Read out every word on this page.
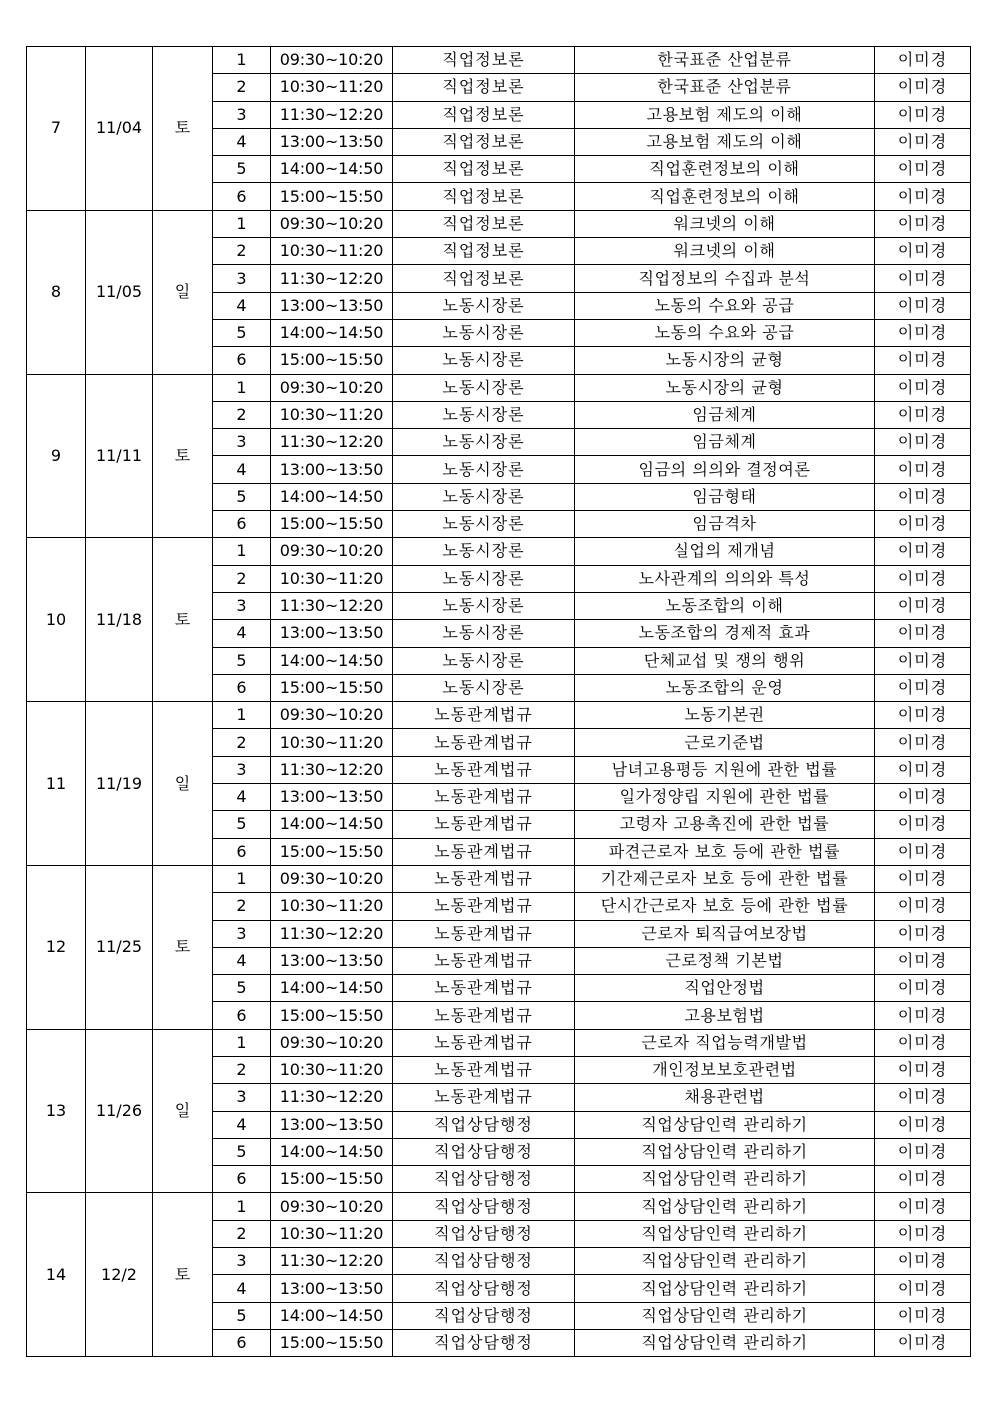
7	11/04	토	1	09:30~10:20	직업정보론	한국표준 산업분류	이미경
			2	10:30~11:20	직업정보론	한국표준 산업분류	이미경
			3	11:30~12:20	직업정보론	고용보험 제도의 이해	이미경
			4	13:00~13:50	직업정보론	고용보험 제도의 이해	이미경
			5	14:00~14:50	직업정보론	직업훈련정보의 이해	이미경
			6	15:00~15:50	직업정보론	직업훈련정보의 이해	이미경
8	11/05	일	1	09:30~10:20	직업정보론	워크넷의 이해	이미경
			2	10:30~11:20	직업정보론	워크넷의 이해	이미경
			3	11:30~12:20	직업정보론	직업정보의 수집과 분석	이미경
			4	13:00~13:50	노동시장론	노동의 수요와 공급	이미경
			5	14:00~14:50	노동시장론	노동의 수요와 공급	이미경
			6	15:00~15:50	노동시장론	노동시장의 균형	이미경
9	11/11	토	1	09:30~10:20	노동시장론	노동시장의 균형	이미경
			2	10:30~11:20	노동시장론	임금체계	이미경
			3	11:30~12:20	노동시장론	임금체계	이미경
			4	13:00~13:50	노동시장론	임금의 의의와 결정여론	이미경
			5	14:00~14:50	노동시장론	임금형태	이미경
			6	15:00~15:50	노동시장론	임금격차	이미경
10	11/18	토	1	09:30~10:20	노동시장론	실업의 제개념	이미경
			2	10:30~11:20	노동시장론	노사관계의 의의와 특성	이미경
			3	11:30~12:20	노동시장론	노동조합의 이해	이미경
			4	13:00~13:50	노동시장론	노동조합의 경제적 효과	이미경
			5	14:00~14:50	노동시장론	단체교섭 및 쟁의 행위	이미경
			6	15:00~15:50	노동시장론	노동조합의 운영	이미경
11	11/19	일	1	09:30~10:20	노동관계법규	노동기본권	이미경
			2	10:30~11:20	노동관계법규	근로기준법	이미경
			3	11:30~12:20	노동관계법규	남녀고용평등 지원에 관한 법률	이미경
			4	13:00~13:50	노동관계법규	일가정양립 지원에 관한 법률	이미경
			5	14:00~14:50	노동관계법규	고령자 고용촉진에 관한 법률	이미경
			6	15:00~15:50	노동관계법규	파견근로자 보호 등에 관한 법률	이미경
12	11/25	토	1	09:30~10:20	노동관계법규	기간제근로자 보호 등에 관한 법률	이미경
			2	10:30~11:20	노동관계법규	단시간근로자 보호 등에 관한 법률	이미경
			3	11:30~12:20	노동관계법규	근로자 퇴직급여보장법	이미경
			4	13:00~13:50	노동관계법규	근로정책 기본법	이미경
			5	14:00~14:50	노동관계법규	직업안정법	이미경
			6	15:00~15:50	노동관계법규	고용보험법	이미경
13	11/26	일	1	09:30~10:20	노동관계법규	근로자 직업능력개발법	이미경
			2	10:30~11:20	노동관계법규	개인정보보호관련법	이미경
			3	11:30~12:20	노동관계법규	채용관련법	이미경
			4	13:00~13:50	직업상담행정	직업상담인력 관리하기	이미경
			5	14:00~14:50	직업상담행정	직업상담인력 관리하기	이미경
			6	15:00~15:50	직업상담행정	직업상담인력 관리하기	이미경
14	12/2	토	1	09:30~10:20	직업상담행정	직업상담인력 관리하기	이미경
			2	10:30~11:20	직업상담행정	직업상담인력 관리하기	이미경
			3	11:30~12:20	직업상담행정	직업상담인력 관리하기	이미경
			4	13:00~13:50	직업상담행정	직업상담인력 관리하기	이미경
			5	14:00~14:50	직업상담행정	직업상담인력 관리하기	이미경
			6	15:00~15:50	직업상담행정	직업상담인력 관리하기	이미경
